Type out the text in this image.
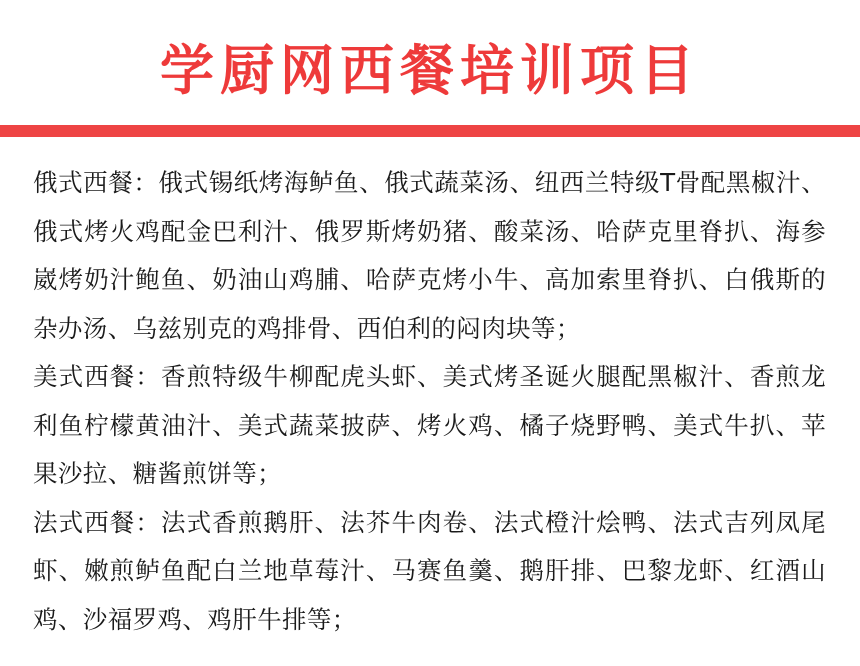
学厨网西餐培训项目

俄式西餐：俄式锡纸烤海鲈鱼、俄式蔬菜汤、纽西兰特级T骨配黑椒汁、俄式烤火鸡配金巴利汁、俄罗斯烤奶猪、酸菜汤、哈萨克里脊扒、海参崴烤奶汁鲍鱼、奶油山鸡脯、哈萨克烤小牛、高加索里脊扒、白俄斯的杂办汤、乌兹别克的鸡排骨、西伯利的闷肉块等；

美式西餐：香煎特级牛柳配虎头虾、美式烤圣诞火腿配黑椒汁、香煎龙利鱼柠檬黄油汁、美式蔬菜披萨、烤火鸡、橘子烧野鸭、美式牛扒、苹果沙拉、糖酱煎饼等；

法式西餐：法式香煎鹅肝、法芥牛肉卷、法式橙汁烩鸭、法式吉列凤尾虾、嫩煎鲈鱼配白兰地草莓汁、马赛鱼羹、鹅肝排、巴黎龙虾、红酒山鸡、沙福罗鸡、鸡肝牛排等；
